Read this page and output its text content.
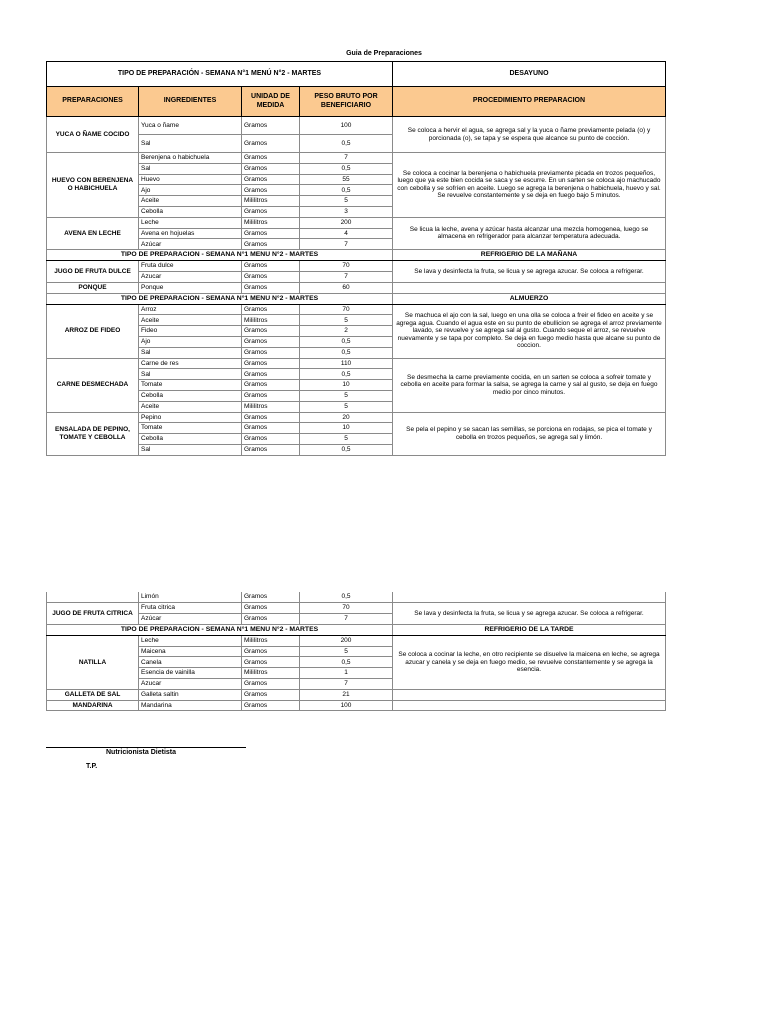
Guia de Preparaciones
TIPO DE PREPARACIÓN - SEMANA N°1 MENÚ N°2 - MARTES				DESAYUNO
PREPARACIONES	INGREDIENTES	UNIDAD DE MEDIDA	PESO BRUTO POR BENEFICIARIO	PROCEDIMIENTO PREPARACION
YUCA O ÑAME COCIDO	Yuca o ñame	Gramos	100	Se coloca a hervir el agua, se agrega sal y la yuca o ñame previamente pelada (o) y porcionada (o), se tapa y se espera que alcance su punto de cocción.
	Sal	Gramos	0,5	
HUEVO CON BERENJENA O HABICHUELA	Berenjena o habichuela	Gramos	7	Se coloca a cocinar la berenjena o habichuela previamente picada en trozos pequeños, luego que ya este bien cocida se saca y se escurre. En un sarten se coloca ajo machucado con cebolla y se sofríen en aceite. Luego se agrega la berenjena o habichuela, huevo y sal. Se revuelve constantemente y se deja en fuego bajo 5 minutos.
	Sal	Gramos	0,5	
	Huevo	Gramos	55	
	Ajo	Gramos	0,5	
	Aceite	Mililitros	5	
	Cebolla	Gramos	3	
AVENA EN LECHE	Leche	Mililitros	200	Se licua la leche, avena y azúcar hasta alcanzar una mezcla homogenea, luego se almacena en refrigerador para alcanzar temperatura adecuada.
	Avena en hojuelas	Gramos	4	
	Azúcar	Gramos	7	
TIPO DE PREPARACION - SEMANA N°1 MENU N°2 - MARTES				REFRIGERIO DE LA MAÑANA
JUGO DE FRUTA DULCE	Fruta dulce	Gramos	70	Se lava y desinfecta la fruta, se licua y se agrega azucar. Se coloca a refrigerar.
	Azucar	Gramos	7	
PONQUE	Ponque	Gramos	60	
TIPO DE PREPARACION - SEMANA N°1 MENU N°2 - MARTES				ALMUERZO
ARROZ DE FIDEO	Arroz	Gramos	70	Se machuca el ajo con la sal, luego en una olla se coloca a freir el fideo en aceite y se agrega agua. Cuando el agua este en su punto de ebullicion se agrega el arroz previamente lavado, se revuelve y se agrega sal al gusto. Cuando seque el arroz, se revuelve nuevamente y se tapa por completo. Se deja en fuego medio hasta que alcane su punto de coccion.
	Aceite	Mililitros	5	
	Fideo	Gramos	2	
	Ajo	Gramos	0,5	
	Sal	Gramos	0,5	
CARNE DESMECHADA	Carne de res	Gramos	110	Se desmecha la carne previamente cocida, en un sarten se coloca a sofreir tomate y cebolla en aceite para formar la salsa, se agrega la carne y sal al gusto, se deja en fuego medio por cinco minutos.
	Sal	Gramos	0,5	
	Tomate	Gramos	10	
	Cebolla	Gramos	5	
	Aceite	Mililitros	5	
ENSALADA DE PEPINO, TOMATE Y CEBOLLA	Pepino	Gramos	20	Se pela el pepino y se sacan las semillas, se porciona en rodajas, se pica el tomate y cebolla en trozos pequeños, se agrega sal y limón.
	Tomate	Gramos	10	
	Cebolla	Gramos	5	
	Sal	Gramos	0,5	
	Limón	Gramos	0,5	
JUGO DE FRUTA CITRICA	Fruta citrica	Gramos	70	Se lava y desinfecta la fruta, se licua y se agrega azucar. Se coloca a refrigerar.
	Azúcar	Gramos	7	
TIPO DE PREPARACION - SEMANA N°1 MENU N°2 - MARTES				REFRIGERIO DE LA TARDE
NATILLA	Leche	Mililitros	200	Se coloca a cocinar la leche, en otro recipiente se disuelve la maicena en leche, se agrega azucar y canela y se deja en fuego medio, se revuelve constantemente y se agrega la esencia.
	Maicena	Gramos	5	
	Canela	Gramos	0,5	
	Esencia de vainilla	Mililitros	1	
	Azucar	Gramos	7	
GALLETA DE SAL	Galleta saltin	Gramos	21	
MANDARINA	Mandarina	Gramos	100	
Nutricionista Dietista
T.P.
